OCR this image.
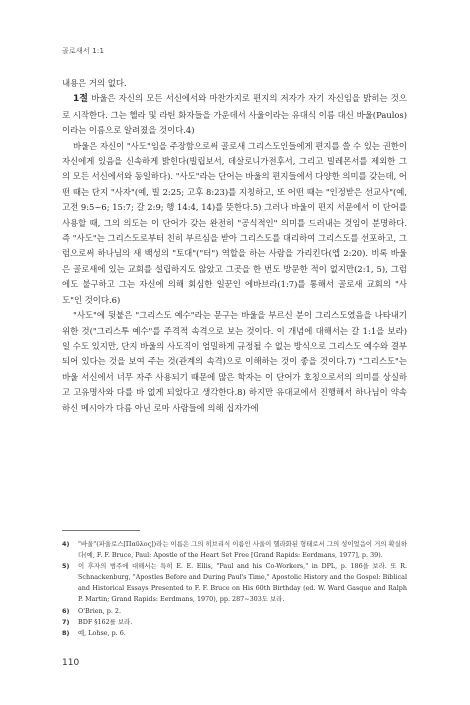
골로새서 1:1

내용은 거의 없다.

1절 바울은 자신의 모든 서신에서와 마찬가지로 편지의 저자가 자기 자신임을 밝히는 것으로 시작한다. 그는 헬라 및 라틴 화자들을 가운데서 사울이라는 유대식 이름 대신 바울(Paulos)이라는 이름으로 알려졌을 것이다.4)

바울은 자신이 "사도"임을 주장함으로써 골로새 그리스도인들에게 편지를 쓸 수 있는 권한이 자신에게 있음을 신속하게 밝힌다(빌립보서, 데살로니가전후서, 그리고 빌레몬서를 제외한 그의 모든 서신에서와 동일하다). "사도"라는 단어는 바울의 편지들에서 다양한 의미를 갖는데, 어떤 때는 단지 "사자"(예, 빌 2:25; 고후 8:23)를 지칭하고, 또 어떤 때는 "인정받은 선교사"(예, 고전 9:5~6; 15:7; 갈 2:9; 행 14:4, 14)를 뜻한다.5) 그러나 바울이 편지 서문에서 이 단어를 사용할 때, 그의 의도는 이 단어가 갖는 완전히 "공식적인" 의미를 드러내는 것임이 분명하다. 즉 "사도"는 그리스도로부터 친히 부르심을 받아 그리스도를 대리하여 그리스도를 선포하고, 그럼으로써 하나님의 새 백성의 "토대"("터") 역할을 하는 사람을 가리킨다(엡 2:20). 비록 바울은 골로새에 있는 교회를 설립하지도 않았고 그곳을 한 번도 방문한 적이 없지만(2:1, 5), 그럼에도 불구하고 그는 자신에 의해 회심한 일꾼인 에바브라(1:7)를 통해서 골로새 교회의 "사도"인 것이다.6)

"사도"에 뒷붙은 "그리스도 예수"라는 문구는 바울을 부르신 분이 그리스도였음을 나타내기 위한 것("그리스투 예수"를 주격적 속격으로 보는 것이다. 이 개념에 대해서는 갈 1:1을 보라)일 수도 있지만, 단지 바울의 사도직이 엄밀하게 규정될 수 없는 방식으로 그리스도 예수와 결부되어 있다는 것을 보여 주는 것(관계의 속격)으로 이해하는 것이 좋을 것이다.7) "그리스도"는 바울 서신에서 너무 자주 사용되기 때문에 많은 학자는 이 단어가 호칭으로서의 의미를 상실하고 고유명사와 다를 바 없게 되었다고 생각한다.8) 하지만 유대교에서 진행해서 하나님이 약속하신 메시아가 다름 아닌 로마 사람들에 의해 십자가에

4)	"바울"(파울로스[Παῦλος])라는 이름은 그의 히브리식 이름인 사울이 헬라화된 형태로서 그의 성이었음이 거의 확실하다(예, F. F. Bruce, Paul: Apostle of the Heart Set Free [Grand Rapids: Eerdmans, 1977], p. 39).
5)	이 후자의 범주에 대해서는 특히 E. E. Ellis, "Paul and his Co-Workers," in DPL, p. 186을 보라. 또 R. Schnackenburg, "Apostles Before and During Paul's Time," Apostolic History and the Gospel: Biblical and Historical Essays Presented to F. F. Bruce on His 60th Birthday (ed. W. Ward Gasque and Ralph P. Martin; Grand Rapids: Eerdmans, 1970), pp. 287~303도 보라.
6)	O'Brien, p. 2.
7)	BDF §162를 보라.
8)	예, Lohse, p. 6.
110
